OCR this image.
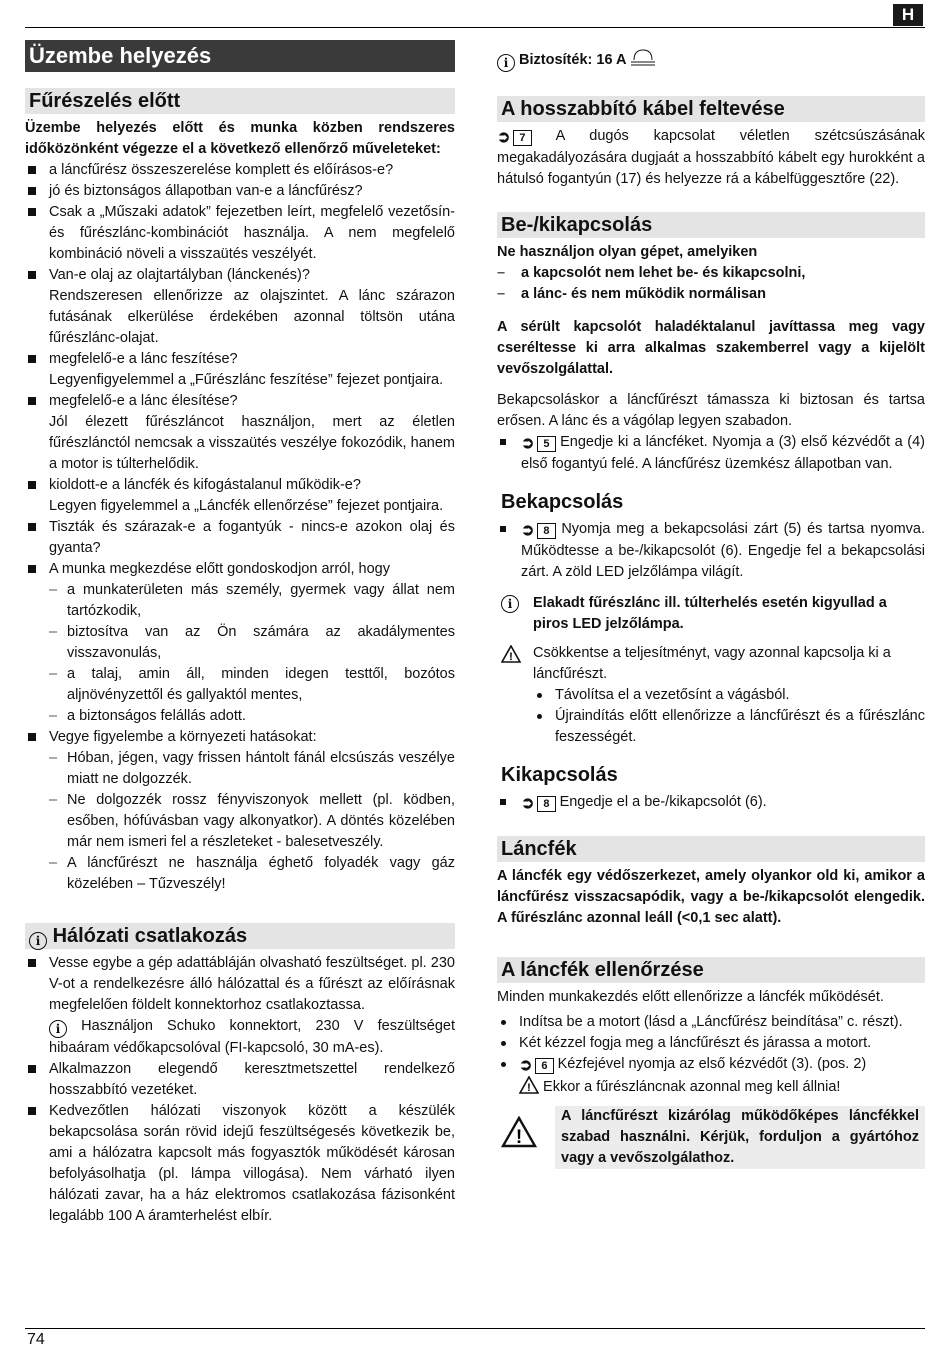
H
Üzembe helyezés
Fűrészelés előtt

Üzembe helyezés előtt és munka közben rendszeres időközönként végezze el a következő ellenőrző műveleteket:

a láncfűrész összeszerelése komplett és előírásos-e?
jó és biztonságos állapotban van-e a láncfűrész?
Csak a „Műszaki adatok” fejezetben leírt, megfelelő vezetősín- és fűrészlánc-kombinációt használja. A nem megfelelő kombináció növeli a visszaütés veszélyét.
Van-e olaj az olajtartályban (lánckenés)?
Rendszeresen ellenőrizze az olajszintet. A lánc szárazon futásának elkerülése érdekében azonnal töltsön utána fűrészlánc-olajat.
megfelelő-e a lánc feszítése?
Legyenfigyelemmel a „Fűrészlánc feszítése” fejezet pontjaira.
megfelelő-e a lánc élesítése?
Jól élezett fűrészláncot használjon, mert az életlen fűrészlánctól nemcsak a visszaütés veszélye fokozódik, hanem a motor is túlterhelődik.
kioldott-e a láncfék és kifogástalanul működik-e?
Legyen figyelemmel a „Láncfék ellenőrzése” fejezet pontjaira.
Tiszták és szárazak-e a fogantyúk - nincs-e azokon olaj és gyanta?
A munka megkezdése előtt gondoskodjon arról, hogy
– a munkaterületen más személy, gyermek vagy állat nem tartózkodik,
– biztosítva van az Ön számára az akadálymentes visszavonulás,
– a talaj, amin áll, minden idegen testtől, bozótos aljnövényzettől és gallyaktól mentes,
– a biztonságos felállás adott.
Vegye figyelembe a környezeti hatásokat:
– Hóban, jégen, vagy frissen hántolt fánál elcsúszás veszélye miatt ne dolgozzék.
– Ne dolgozzék rossz fényviszonyok mellett (pl. ködben, esőben, hófúvásban vagy alkonyatkor). A döntés közelében már nem ismeri fel a részleteket - balesetveszély.
– A láncfűrészt ne használja éghető folyadék vagy gáz közelében – Tűzveszély!
i Hálózati csatlakozás
Vesse egybe a gép adattábláján olvasható feszültséget. pl. 230 V-ot a rendelkezésre álló hálózattal és a fűrészt az előírásnak megfelelően földelt konnektorhoz csatlakoztassa.

i Használjon Schuko konnektort, 230 V feszültséget hibaáram védőkapcsolóval (FI-kapcsoló, 30 mA-es).

Alkalmazzon elegendő keresztmetszettel rendelkező hosszabbító vezetéket.
Kedvezőtlen hálózati viszonyok között a készülék bekapcsolása során rövid idejű feszültségesés következik be, ami a hálózatra kapcsolt más fogyasztók működését károsan befolyásolhatja (pl. lámpa villogása). Nem várható ilyen hálózati zavar, ha a ház elektromos csatlakozása fázisonként legalább 100 A áramterhelést elbír.

i Biztosíték: 16 A

A hosszabbító kábel feltevése

➲ 7	A dugós kapcsolat véletlen szétcsúszásának megakadályozására dugjaát a hosszabbító kábelt egy hurokként a hátulsó fogantyún (17) és helyezze rá a kábelfüggesztőre (22).

Be-/kikapcsolás

Ne használjon olyan gépet, amelyiken

– a kapcsolót nem lehet be- és kikapcsolni,
– a lánc- és nem működik normálisan

A sérült kapcsolót haladéktalanul javíttassa meg vagy cseréltesse ki arra alkalmas szakemberrel vagy a kijelölt vevőszolgálattal.

Bekapcsoláskor a láncfűrészt támassza ki biztosan és tartsa erősen. A lánc és a vágólap legyen szabadon.

➲ 5 Engedje ki a láncféket. Nyomja a (3) első kézvédőt a (4) első fogantyú felé. A láncfűrész üzemkész állapotban van.
Bekapcsolás
➲ 8 Nyomja meg a bekapcsolási zárt (5) és tartsa nyomva. Működtesse a be-/kikapcsolót (6). Engedje fel a bekapcsolási zárt. A zöld LED jelzőlámpa világít.

i	Elakadt fűrészlánc ill. túlterhelés esetén kigyullad a piros LED jelzőlámpa.

! Csökkentse a teljesítményt, vagy azonnal kapcsolja ki a láncfűrészt.

Távolítsa el a vezetősínt a vágásból.
Újraindítás előtt ellenőrizze a láncfűrészt és a fűrészlánc feszességét.
Kikapcsolás
➲ 8 Engedje el a be-/kikapcsolót (6).
Láncfék

A láncfék egy védőszerkezet, amely olyankor old ki, amikor a láncfűrész visszacsapódik, vagy a be-/kikapcsolót elengedik. A fűrészlánc azonnal leáll (<0,1 sec alatt).

A láncfék ellenőrzése

Minden munkakezdés előtt ellenőrizze a láncfék működését.

Indítsa be a motort (lásd a „Láncfűrész beindítása” c. részt).
Két kézzel fogja meg a láncfűrészt és járassa a motort.
➲ 6 Kézfejével nyomja az első kézvédőt (3). (pos. 2)

! Ekkor a fűrészláncnak azonnal meg kell állnia!
!

A láncfűrészt kizárólag működőképes láncfékkel szabad használni. Kérjük, forduljon a gyártóhoz vagy a vevőszolgálathoz.

74
